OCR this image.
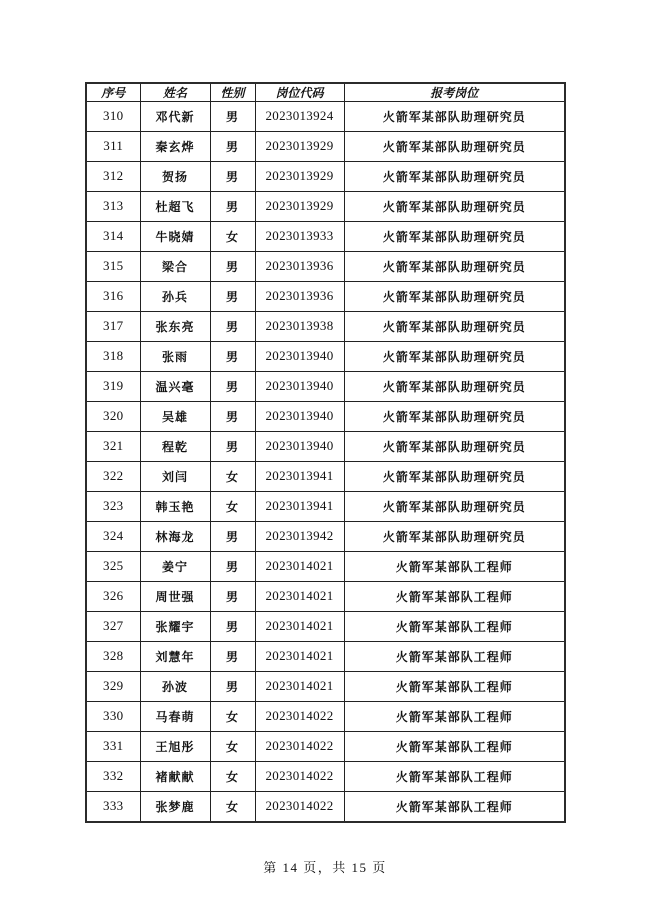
序号	姓名	性别	岗位代码	报考岗位
310	邓代新	男	2023013924	火箭军某部队助理研究员
311	秦玄烨	男	2023013929	火箭军某部队助理研究员
312	贺扬	男	2023013929	火箭军某部队助理研究员
313	杜超飞	男	2023013929	火箭军某部队助理研究员
314	牛晓婧	女	2023013933	火箭军某部队助理研究员
315	梁合	男	2023013936	火箭军某部队助理研究员
316	孙兵	男	2023013936	火箭军某部队助理研究员
317	张东亮	男	2023013938	火箭军某部队助理研究员
318	张雨	男	2023013940	火箭军某部队助理研究员
319	温兴毫	男	2023013940	火箭军某部队助理研究员
320	吴雄	男	2023013940	火箭军某部队助理研究员
321	程乾	男	2023013940	火箭军某部队助理研究员
322	刘闫	女	2023013941	火箭军某部队助理研究员
323	韩玉艳	女	2023013941	火箭军某部队助理研究员
324	林海龙	男	2023013942	火箭军某部队助理研究员
325	姜宁	男	2023014021	火箭军某部队工程师
326	周世强	男	2023014021	火箭军某部队工程师
327	张耀宇	男	2023014021	火箭军某部队工程师
328	刘慧年	男	2023014021	火箭军某部队工程师
329	孙波	男	2023014021	火箭军某部队工程师
330	马春萌	女	2023014022	火箭军某部队工程师
331	王旭彤	女	2023014022	火箭军某部队工程师
332	褚献献	女	2023014022	火箭军某部队工程师
333	张梦鹿	女	2023014022	火箭军某部队工程师
第 14 页，共 15 页
